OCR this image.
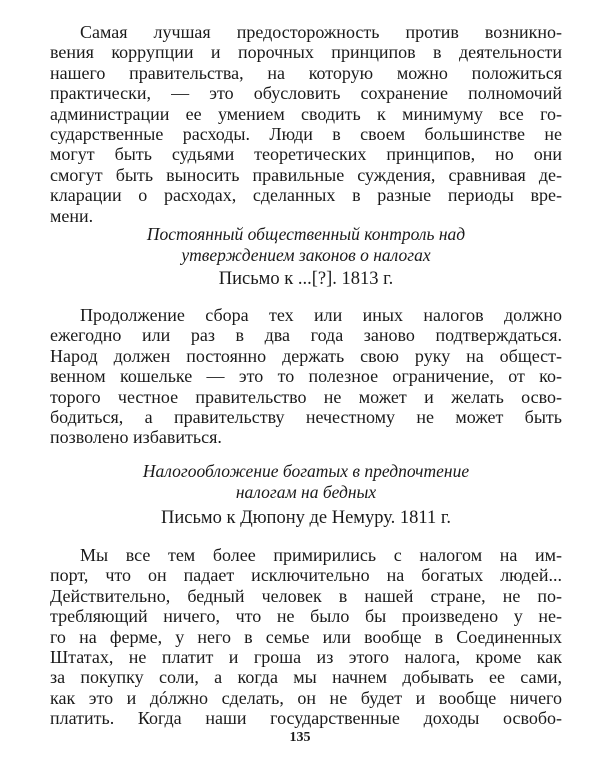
Самая лучшая предосторожность против возникно-
вения коррупции и порочных принципов в деятельности
нашего правительства, на которую можно положиться
практически, — это обусловить сохранение полномочий
администрации ее умением сводить к минимуму все го-
сударственные расходы. Люди в своем большинстве не
могут быть судьями теоретических принципов, но они
смогут быть выносить правильные суждения, сравнивая де-
кларации о расходах, сделанных в разные периоды вре-
мени.
Постоянный общественный контроль над
утверждением законов о налогах
Письмо к ...[?]. 1813 г.
Продолжение сбора тех или иных налогов должно
ежегодно или раз в два года заново подтверждаться.
Народ должен постоянно держать свою руку на общест-
венном кошельке — это то полезное ограничение, от ко-
торого честное правительство не может и желать осво-
бодиться, а правительству нечестному не может быть
позволено избавиться.
Налогообложение богатых в предпочтение
налогам на бедных
Письмо к Дюпону де Немуру. 1811 г.
Мы все тем более примирились с налогом на им-
порт, что он падает исключительно на богатых людей...
Действительно, бедный человек в нашей стране, не по-
требляющий ничего, что не было бы произведено у не-
го на ферме, у него в семье или вообще в Соединенных
Штатах, не платит и гроша из этого налога, кроме как
за покупку соли, а когда мы начнем добывать ее сами,
как это и дóлжно сделать, он не будет и вообще ничего
платить. Когда наши государственные доходы освобо-
135
